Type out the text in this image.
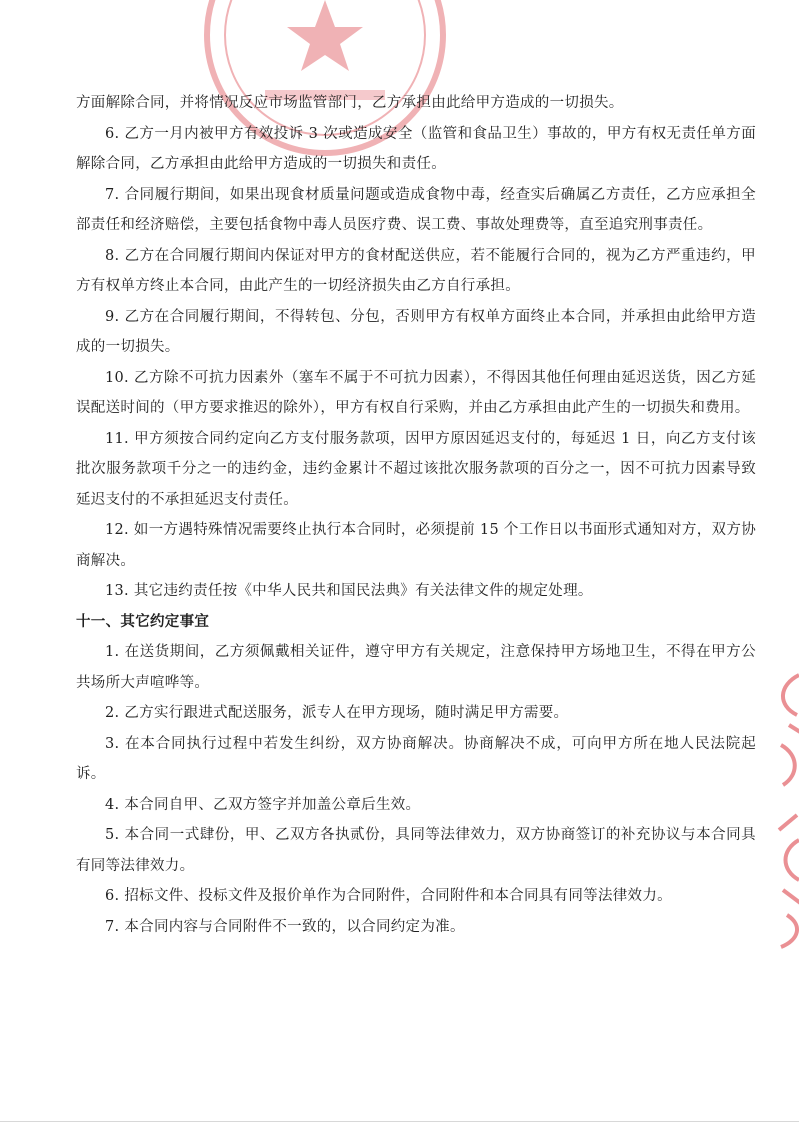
方面解除合同，并将情况反应市场监管部门，乙方承担由此给甲方造成的一切损失。

6. 乙方一月内被甲方有效投诉 3 次或造成安全（监管和食品卫生）事故的，甲方有权无责任单方面解除合同，乙方承担由此给甲方造成的一切损失和责任。

7. 合同履行期间，如果出现食材质量问题或造成食物中毒，经查实后确属乙方责任，乙方应承担全部责任和经济赔偿，主要包括食物中毒人员医疗费、误工费、事故处理费等，直至追究刑事责任。

8. 乙方在合同履行期间内保证对甲方的食材配送供应，若不能履行合同的，视为乙方严重违约，甲方有权单方终止本合同，由此产生的一切经济损失由乙方自行承担。

9. 乙方在合同履行期间，不得转包、分包，否则甲方有权单方面终止本合同，并承担由此给甲方造成的一切损失。

10. 乙方除不可抗力因素外（塞车不属于不可抗力因素），不得因其他任何理由延迟送货，因乙方延误配送时间的（甲方要求推迟的除外），甲方有权自行采购，并由乙方承担由此产生的一切损失和费用。

11. 甲方须按合同约定向乙方支付服务款项，因甲方原因延迟支付的，每延迟 1 日，向乙方支付该批次服务款项千分之一的违约金，违约金累计不超过该批次服务款项的百分之一，因不可抗力因素导致延迟支付的不承担延迟支付责任。

12. 如一方遇特殊情况需要终止执行本合同时，必须提前 15 个工作日以书面形式通知对方，双方协商解决。

13. 其它违约责任按《中华人民共和国民法典》有关法律文件的规定处理。

十一、其它约定事宜

1. 在送货期间，乙方须佩戴相关证件，遵守甲方有关规定，注意保持甲方场地卫生，不得在甲方公共场所大声喧哗等。

2. 乙方实行跟进式配送服务，派专人在甲方现场，随时满足甲方需要。

3. 在本合同执行过程中若发生纠纷，双方协商解决。协商解决不成，可向甲方所在地人民法院起诉。

4. 本合同自甲、乙双方签字并加盖公章后生效。

5. 本合同一式肆份，甲、乙双方各执贰份，具同等法律效力，双方协商签订的补充协议与本合同具有同等法律效力。

6. 招标文件、投标文件及报价单作为合同附件，合同附件和本合同具有同等法律效力。

7. 本合同内容与合同附件不一致的，以合同约定为准。
